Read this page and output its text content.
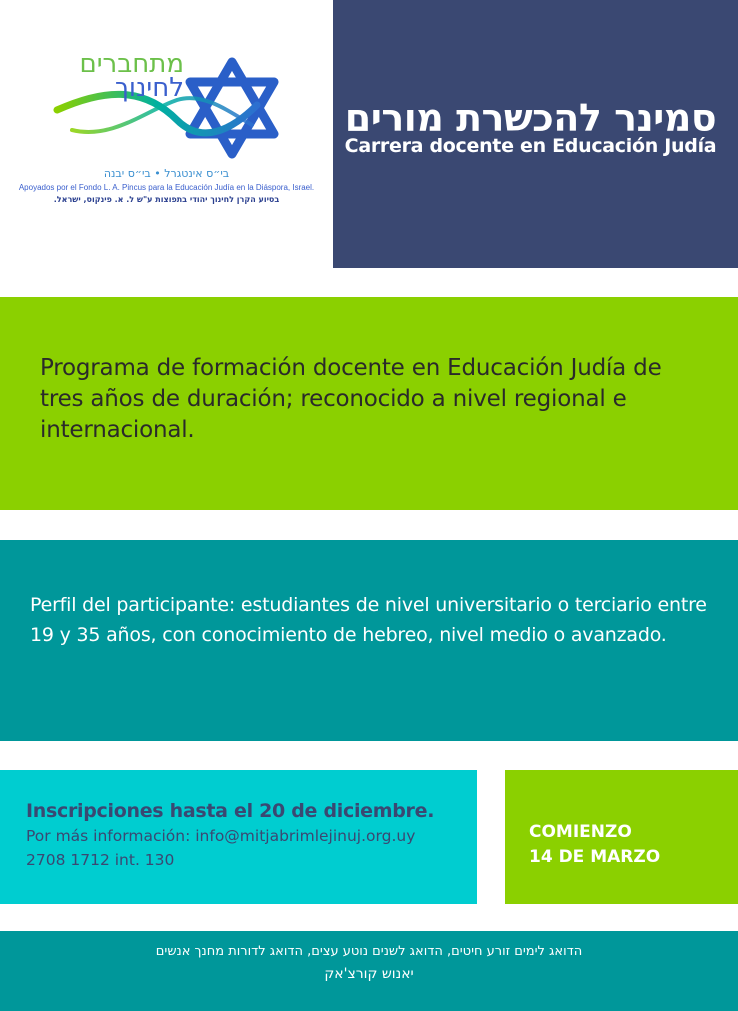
מתחברים
לחינוך
בי״ס אינטגרל • בי״ס יבנה
Apoyados por el Fondo L. A. Pincus para la Educación Judía en la Diáspora, Israel.
בסיוע הקרן לחינוך יהודי בתפוצות ע"ש ל. א. פינקוס, ישראל.
סמינר להכשרת מורים
Carrera docente en Educación Judía
Programa de formación docente en Educación Judía de tres años de duración; reconocido a nivel regional e internacional.
Perfil del participante: estudiantes de nivel universitario o terciario entre 19 y 35 años, con conocimiento de hebreo, nivel medio o avanzado.
Inscripciones hasta el 20 de diciembre.
Por más información: info@mitjabrimlejinuj.org.uy
2708 1712 int. 130
COMIENZO
14 DE MARZO
הדואג לימים זורע חיטים, הדואג לשנים נוטע עצים, הדואג לדורות מחנך אנשים
יאנוש קורצ'אק
